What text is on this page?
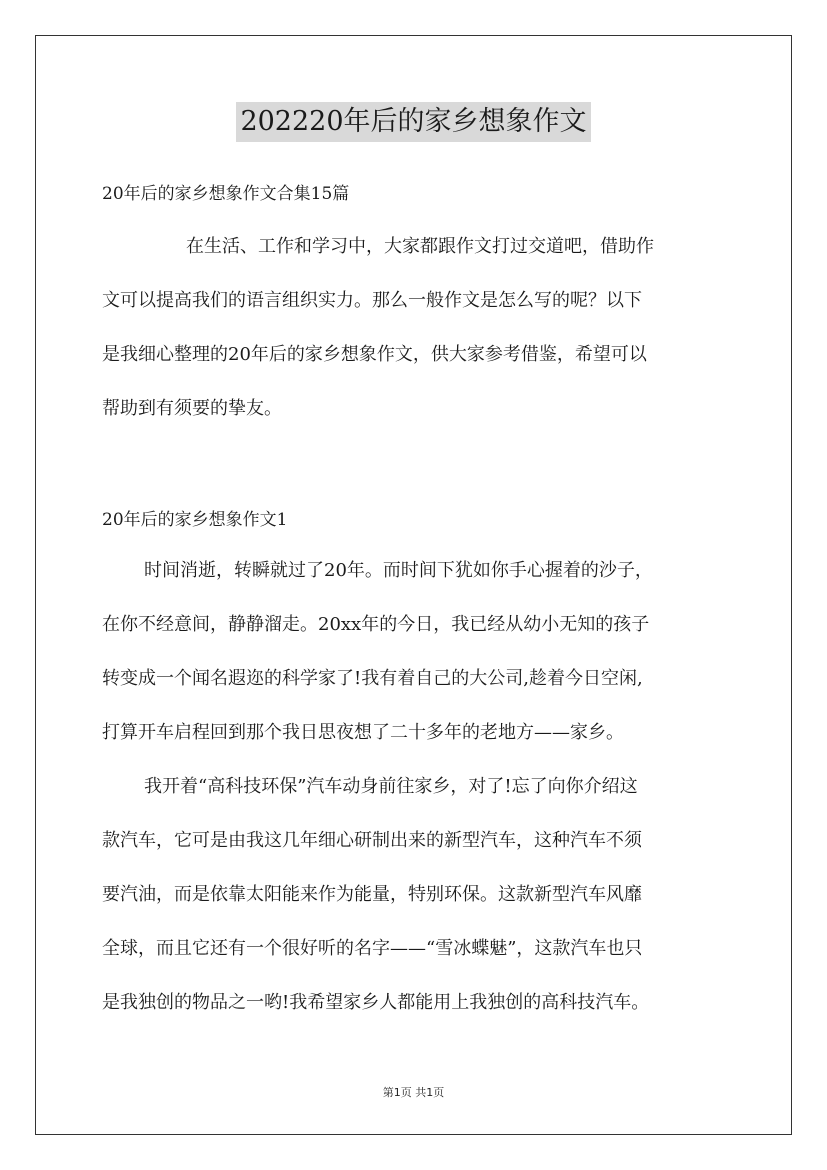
202220年后的家乡想象作文

20年后的家乡想象作文合集15篇

在生活、工作和学习中，大家都跟作文打过交道吧，借助作

文可以提高我们的语言组织实力。那么一般作文是怎么写的呢？以下

是我细心整理的20年后的家乡想象作文，供大家参考借鉴，希望可以

帮助到有须要的挚友。

20年后的家乡想象作文1

时间消逝，转瞬就过了20年。而时间下犹如你手心握着的沙子，

在你不经意间，静静溜走。20xx年的今日，我已经从幼小无知的孩子

转变成一个闻名遐迩的科学家了!我有着自己的大公司,趁着今日空闲,

打算开车启程回到那个我日思夜想了二十多年的老地方——家乡。

我开着“高科技环保”汽车动身前往家乡，对了!忘了向你介绍这

款汽车，它可是由我这几年细心研制出来的新型汽车，这种汽车不须

要汽油，而是依靠太阳能来作为能量，特别环保。这款新型汽车风靡

全球，而且它还有一个很好听的名字——“雪冰蝶魅”，这款汽车也只

是我独创的物品之一哟!我希望家乡人都能用上我独创的高科技汽车。

第1页 共1页
